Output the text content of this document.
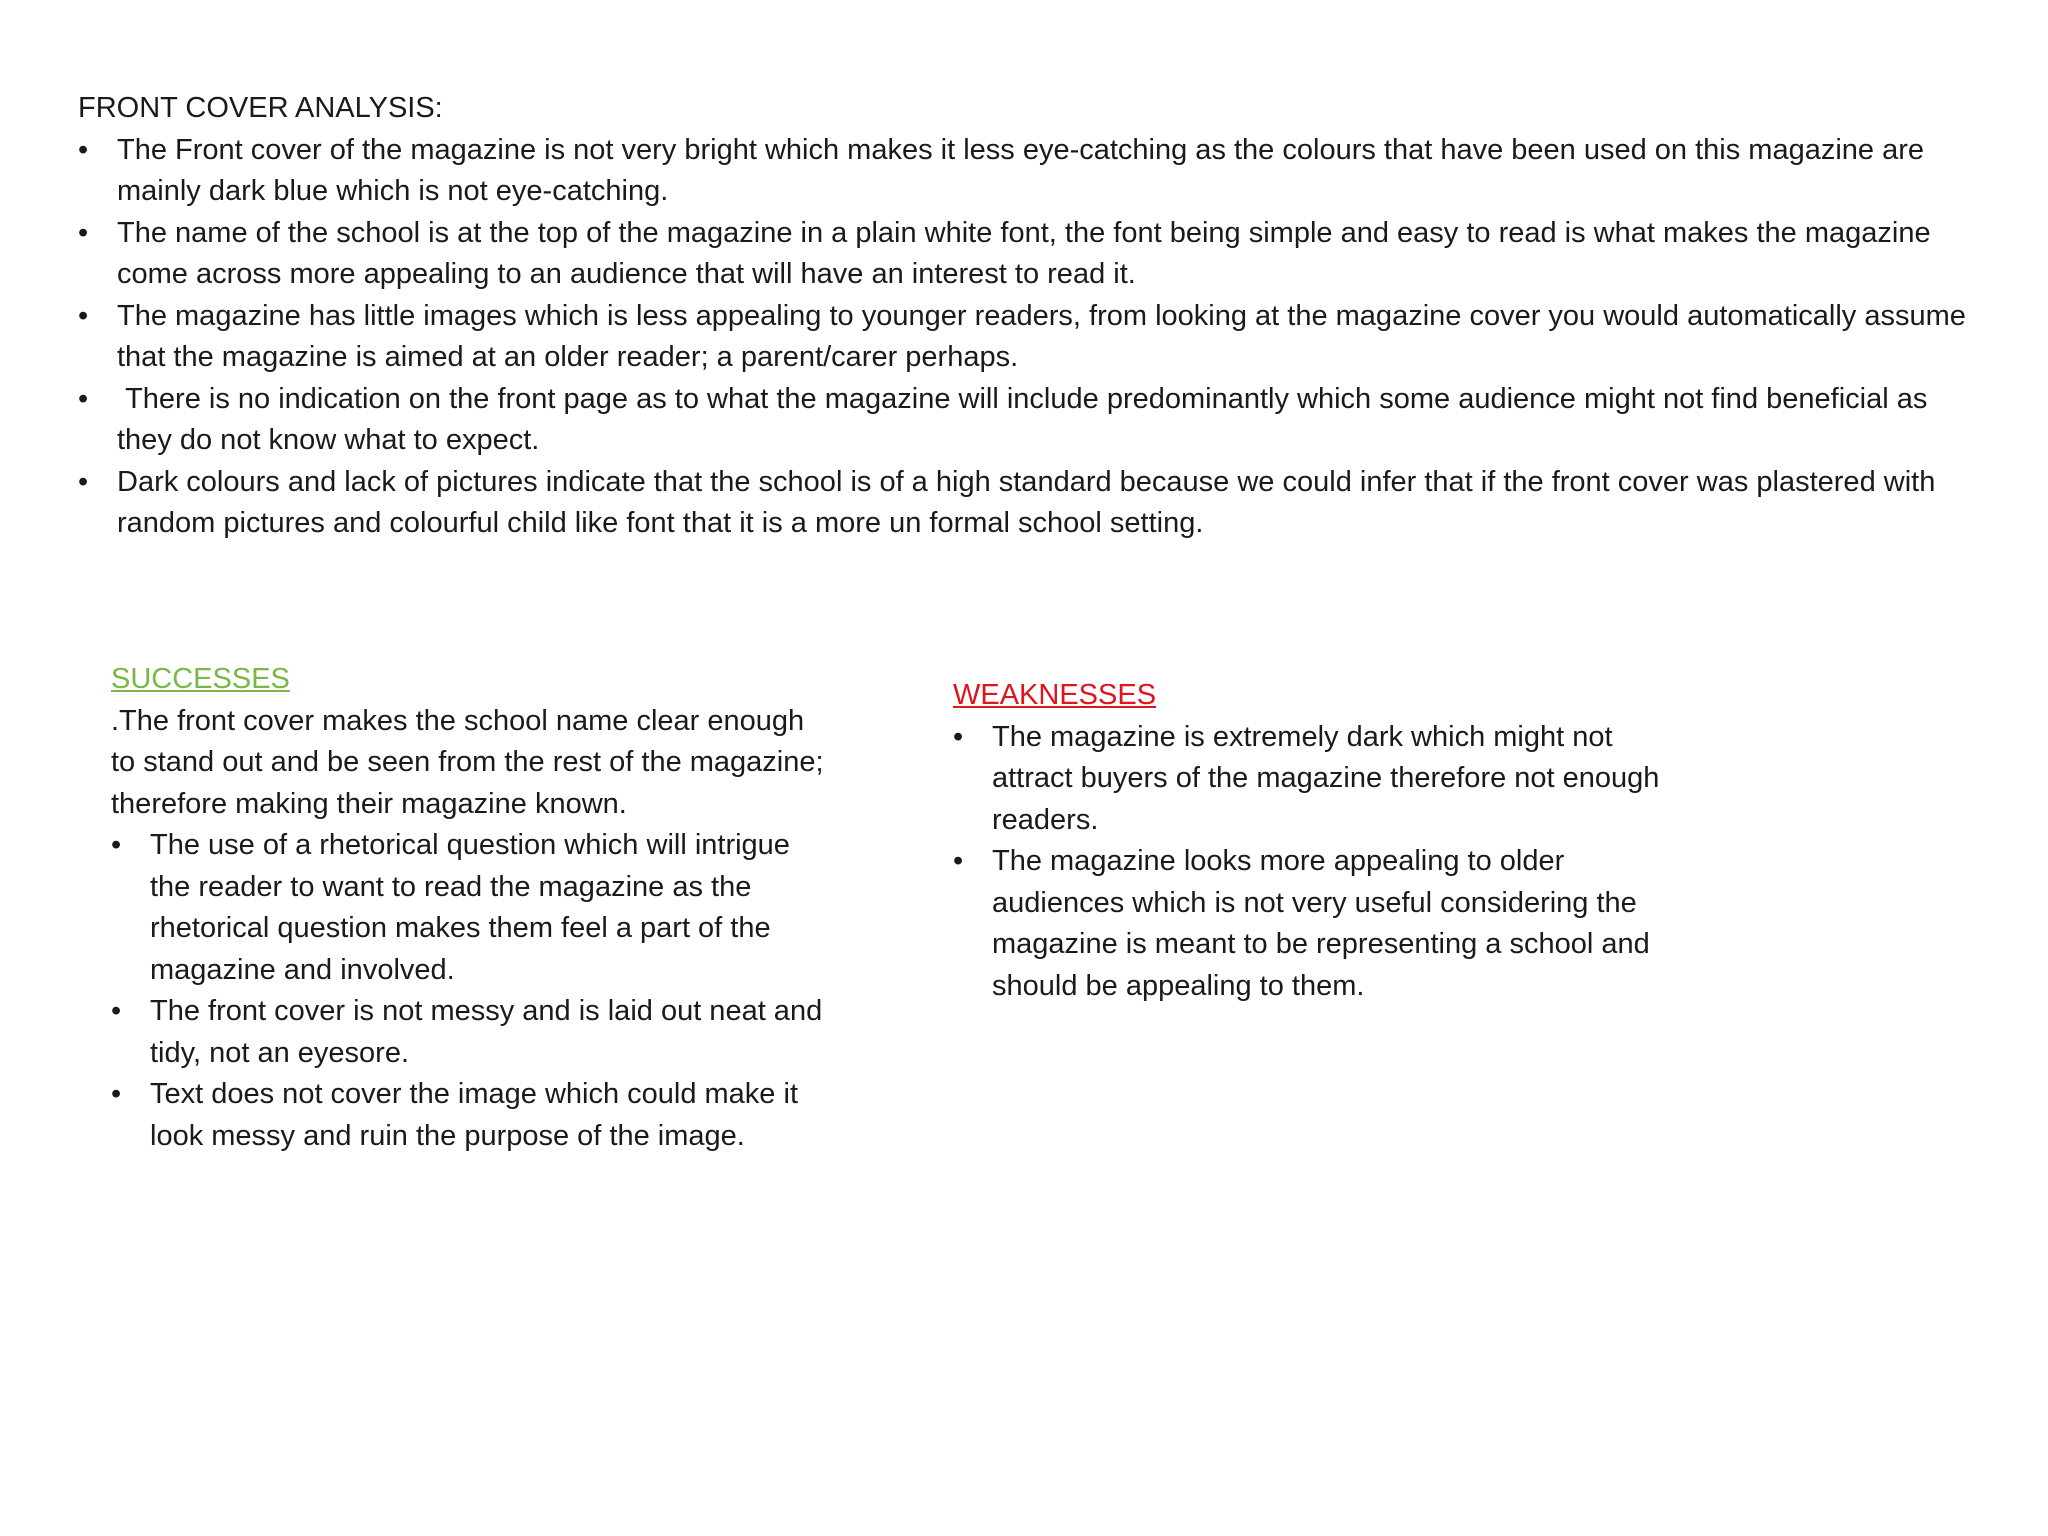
FRONT COVER ANALYSIS:

• The Front cover of the magazine is not very bright which makes it less eye-catching as the colours that have been used on this magazine are mainly dark blue which is not eye-catching.
• The name of the school is at the top of the magazine in a plain white font, the font being simple and easy to read is what makes the magazine come across more appealing to an audience that will have an interest to read it.
• The magazine has little images which is less appealing to younger readers, from looking at the magazine cover you would automatically assume that the magazine is aimed at an older reader; a parent/carer perhaps.
• There is no indication on the front page as to what the magazine will include predominantly which some audience might not find beneficial as they do not know what to expect.
• Dark colours and lack of pictures indicate that the school is of a high standard because we could infer that if the front cover was plastered with random pictures and colourful child like font that it is a more un formal school setting.

SUCCESSES

.The front cover makes the school name clear enough to stand out and be seen from the rest of the magazine; therefore making their magazine known.

• The use of a rhetorical question which will intrigue the reader to want to read the magazine as the rhetorical question makes them feel a part of the magazine and involved.
• The front cover is not messy and is laid out neat and tidy, not an eyesore.
• Text does not cover the image which could make it look messy and ruin the purpose of the image.

WEAKNESSES

• The magazine is extremely dark which might not attract buyers of the magazine therefore not enough readers.
• The magazine looks more appealing to older audiences which is not very useful considering the magazine is meant to be representing a school and should be appealing to them.
